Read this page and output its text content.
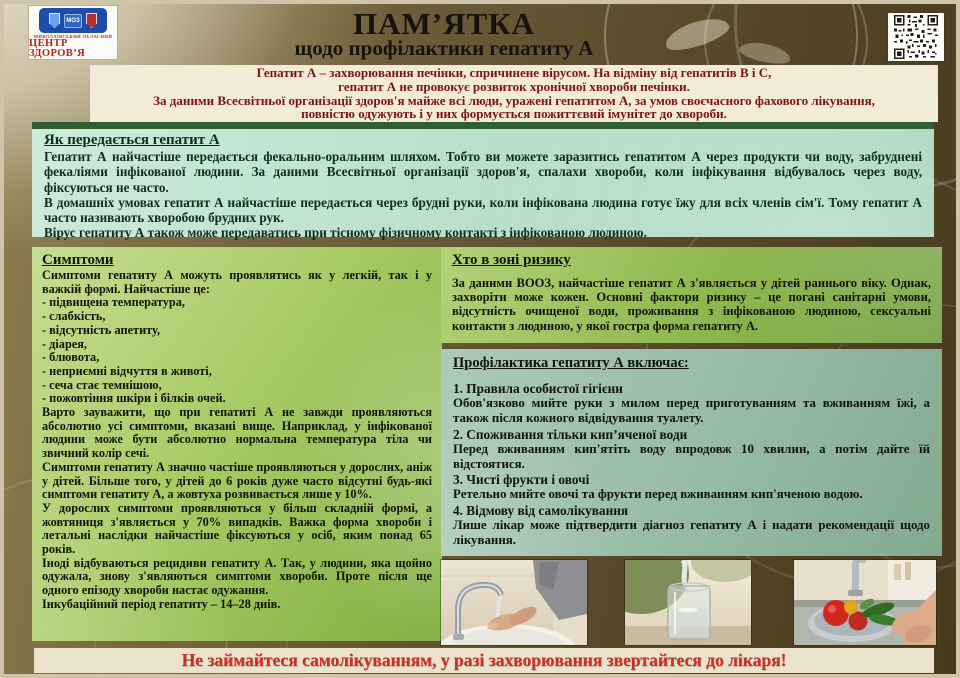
МОЗ
МИКОЛАЇВСЬКИЙ ОБЛАСНИЙ
ЦЕНТР ЗДОРОВ’Я
ПАМ’ЯТКА
щодо профілактики гепатиту А
Гепатит А – захворювання печінки, спричинене вірусом. На відміну від гепатитів В і С,
гепатит А не провокує розвиток хронічної хвороби печінки.
За даними Всесвітньої організації здоров'я майже всі люди, уражені гепатитом А, за умов своєчасного фахового лікування,
повністю одужують і у них формується пожиттєвий імунітет до хвороби.
Як передається гепатит А

Гепатит А найчастіше передається фекально-оральним шляхом. Тобто ви можете заразитись гепатитом А через продукти чи воду, забруднені фекаліями інфікованої людини. За даними Всесвітньої організації здоров'я, спалахи хвороби, коли інфікування відбувалось через воду, фіксуються не часто.

В домашніх умовах гепатит А найчастіше передається через брудні руки, коли інфікована людина готує їжу для всіх членів сім'ї. Тому гепатит А часто називають хворобою брудних рук.

Вірус гепатиту А також може передаватись при тісному фізичному контакті з інфікованою людиною.

Симптоми

Симптоми гепатиту А можуть проявлятись як у легкій, так і у важкій формі. Найчастіше це:

- підвищена температура,

- слабкість,

- відсутність апетиту,

- діарея,

- блювота,

- неприємні відчуття в животі,

- сеча стає темнішою,

- пожовтіння шкіри і білків очей.

Варто зауважити, що при гепатиті А не завжди проявляються абсолютно усі симптоми, вказані вище. Наприклад, у інфікованої людини може бути абсолютно нормальна температура тіла чи звичний колір сечі.

Симптоми гепатиту А значно частіше проявляються у дорослих, аніж у дітей. Більше того, у дітей до 6 років дуже часто відсутні будь-які симптоми гепатиту А, а жовтуха розвивається лише у 10%.

У дорослих симптоми проявляються у більш складній формі, а жовтяниця з'являється у 70% випадків. Важка форма хвороби і летальні наслідки найчастіше фіксуються у осіб, яким понад 65 років.

Іноді відбуваються рецидиви гепатиту А. Так, у людини, яка щойно одужала, знову з'являються симптоми хвороби. Проте після ще одного епізоду хвороби настає одужання.

Інкубаційний період гепатиту – 14–28 днів.

Хто в зоні ризику

За даними ВООЗ, найчастіше гепатит А з'являється у дітей раннього віку. Однак, захворіти може кожен. Основні фактори ризику – це погані санітарні умови, відсутність очищеної води, проживання з інфікованою людиною, сексуальні контакти з людиною, у якої гостра форма гепатиту А.

Профілактика гепатиту А включає:

1. Правила особистої гігієни

Обов'язково мийте руки з милом перед приготуванням та вживанням їжі, а також після кожного відвідування туалету.

2. Споживання тільки кип’яченої води

Перед вживанням кип'ятіть воду впродовж 10 хвилин, а потім дайте їй відстоятися.

3. Чисті фрукти і овочі

Ретельно мийте овочі та фрукти перед вживанням кип'яченою водою.

4. Відмову від самолікування

Лише лікар може підтвердити діагноз гепатиту А і надати рекомендації щодо лікування.

Не займайтеся самолікуванням, у разі захворювання звертайтеся до лікаря!
